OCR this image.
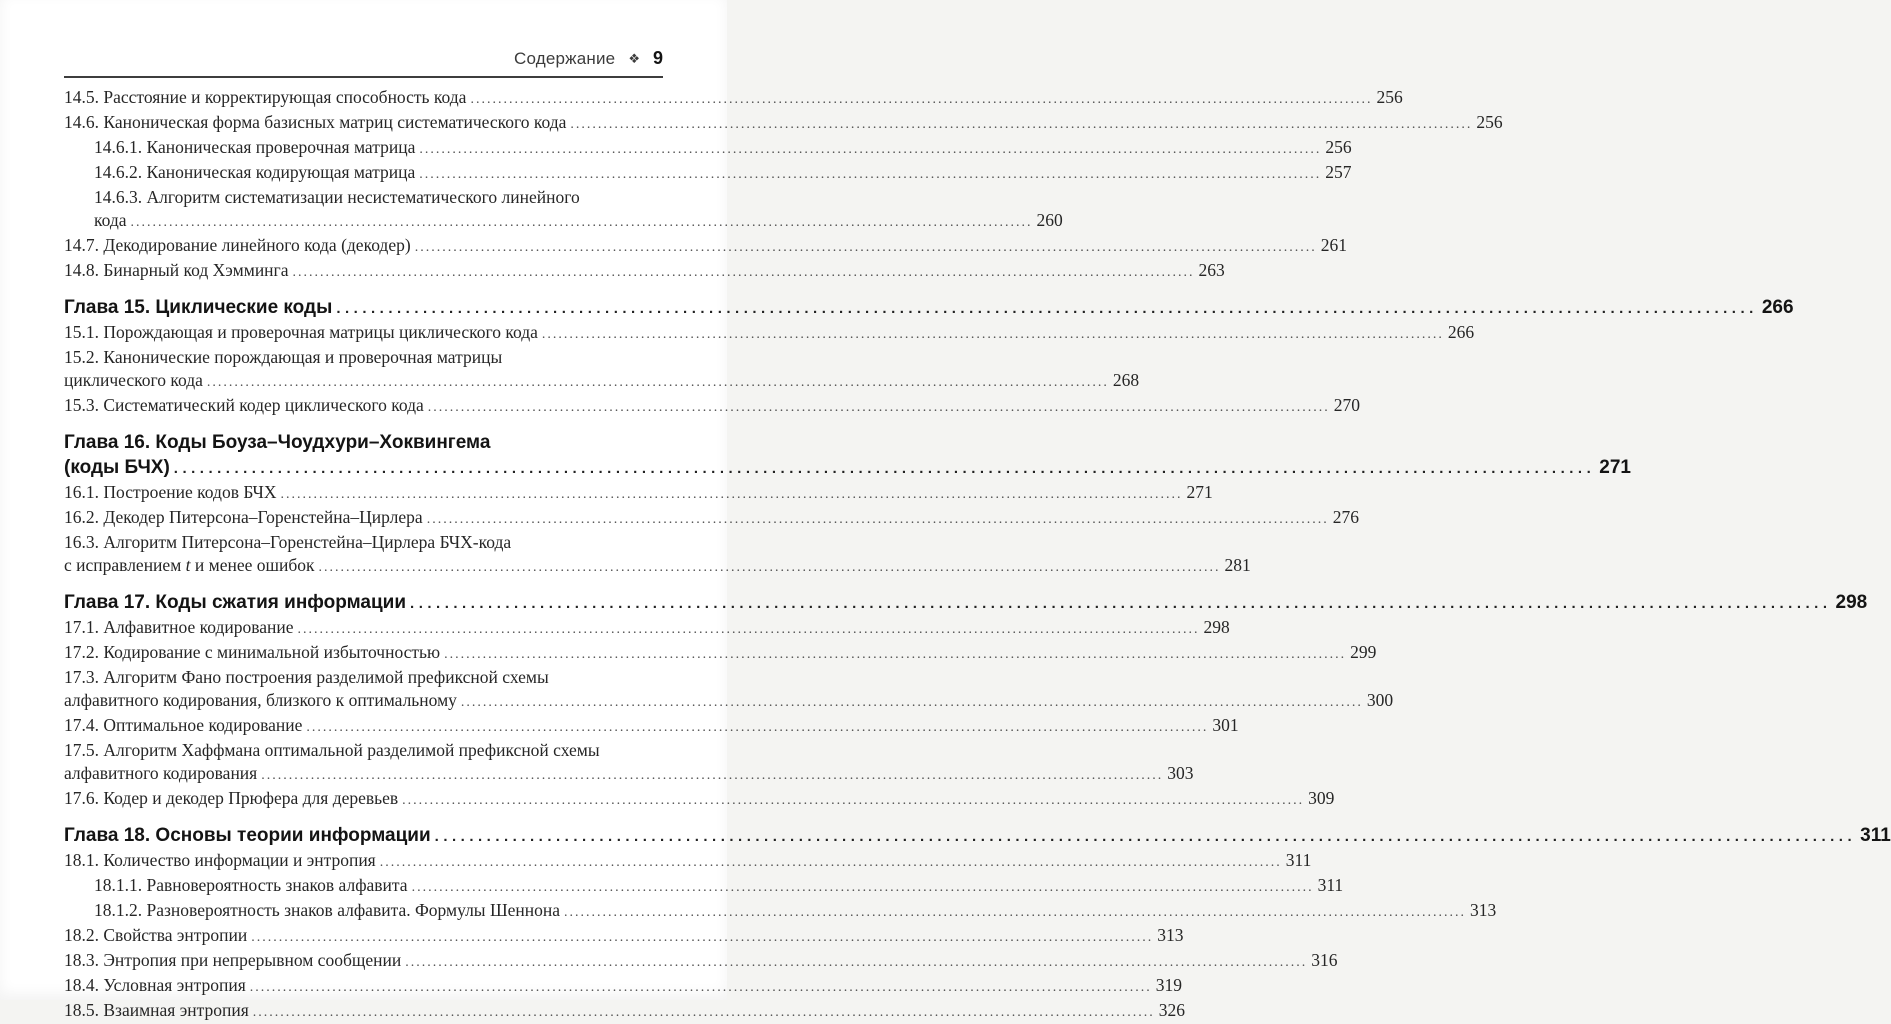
Содержание ❖ 9
14.5. Расстояние и корректирующая способность кода .....	256
14.6. Каноническая форма базисных матриц систематического кода .....	256
14.6.1. Каноническая проверочная матрица .....	256
14.6.2. Каноническая кодирующая матрица .....	257
14.6.3. Алгоритм систематизации несистематического линейного
кода .....	260
14.7. Декодирование линейного кода (декодер) .....	261
14.8. Бинарный код Хэмминга .....	263
Глава 15. Циклические коды .....	266
15.1. Порождающая и проверочная матрицы циклического кода .....	266
15.2. Канонические порождающая и проверочная матрицы
циклического кода .....	268
15.3. Систематический кодер циклического кода .....	270
Глава 16. Коды Боуза–Чоудхури–Хоквингема
(коды БЧХ) .....	271
16.1. Построение кодов БЧХ .....	271
16.2. Декодер Питерсона–Горенстейна–Цирлера .....	276
16.3. Алгоритм Питерсона–Горенстейна–Цирлера БЧХ-кода
с исправлением t и менее ошибок .....	281
Глава 17. Коды сжатия информации .....	298
17.1. Алфавитное кодирование .....	298
17.2. Кодирование с минимальной избыточностью .....	299
17.3. Алгоритм Фано построения разделимой префиксной схемы
алфавитного кодирования, близкого к оптимальному .....	300
17.4. Оптимальное кодирование .....	301
17.5. Алгоритм Хаффмана оптимальной разделимой префиксной схемы
алфавитного кодирования .....	303
17.6. Кодер и декодер Прюфера для деревьев .....	309
Глава 18. Основы теории информации .....	311
18.1. Количество информации и энтропия .....	311
18.1.1. Равновероятность знаков алфавита .....	311
18.1.2. Разновероятность знаков алфавита. Формулы Шеннона .....	313
18.2. Свойства энтропии .....	313
18.3. Энтропия при непрерывном сообщении .....	316
18.4. Условная энтропия .....	319
18.5. Взаимная энтропия .....	326
